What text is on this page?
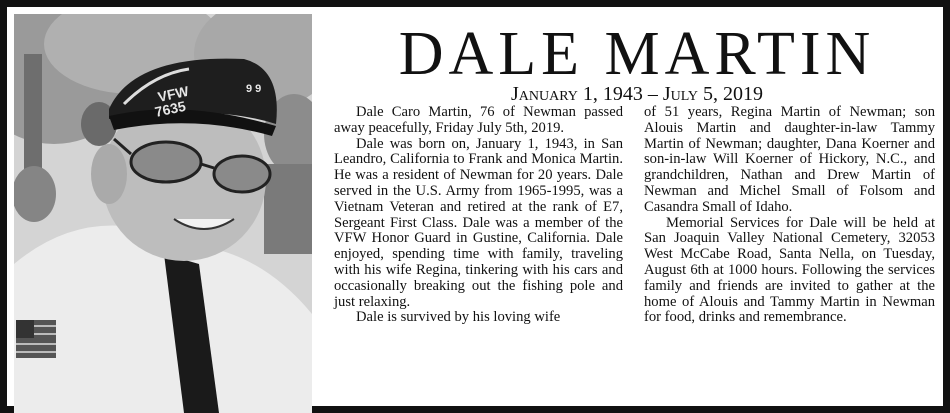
VFW
7635
9 9
DALE MARTIN
January 1, 1943 – July 5, 2019

Dale Caro Martin, 76 of Newman passed away peacefully, Friday July 5th, 2019.

Dale was born on, January 1, 1943, in San Leandro, California to Frank and Monica Martin. He was a resident of Newman for 20 years. Dale served in the U.S. Army from 1965-1995, was a Vietnam Veteran and retired at the rank of E7, Sergeant First Class. Dale was a member of the VFW Honor Guard in Gustine, California. Dale enjoyed, spending time with family, traveling with his wife Regina, tinkering with his cars and occasionally breaking out the fishing pole and just relaxing.

Dale is survived by his loving wife

of 51 years, Regina Martin of Newman; son Alouis Martin and daughter-in-law Tammy Martin of Newman; daughter, Dana Koerner and son-in-law Will Koerner of Hickory, N.C., and grandchildren, Nathan and Drew Martin of Newman and Michel Small of Folsom and Casandra Small of Idaho.

Memorial Services for Dale will be held at San Joaquin Valley National Cemetery, 32053 West McCabe Road, Santa Nella, on Tuesday, August 6th at 1000 hours. Following the services family and friends are invited to gather at the home of Alouis and Tammy Martin in Newman for food, drinks and remembrance.
